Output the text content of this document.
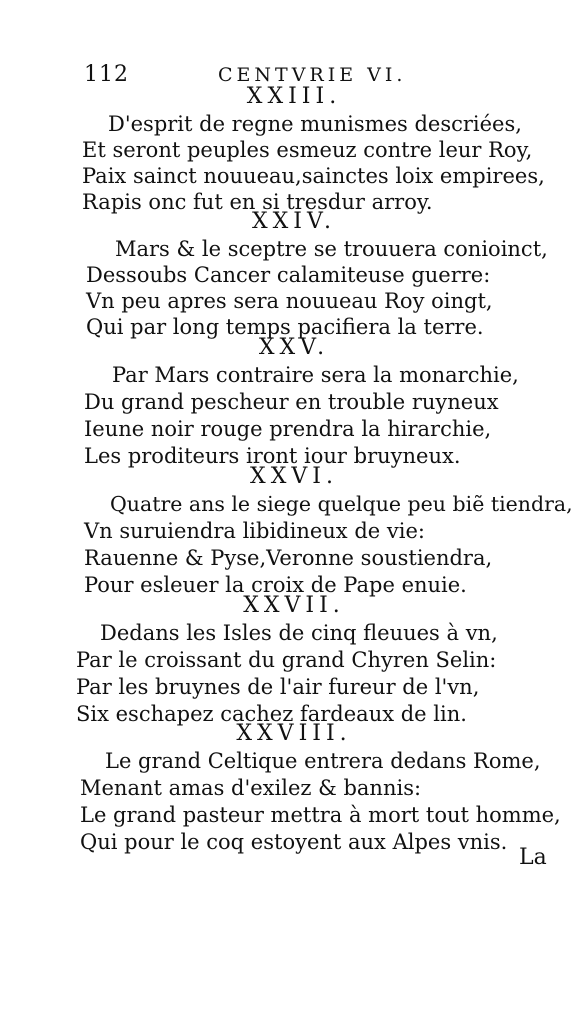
112	CENTVRIE VI.
XXIII.
D'esprit de regne munismes descriées,
Et seront peuples esmeuz contre leur Roy,
Paix sainct nouueau,sainctes loix empirees,
Rapis onc fut en si tresdur arroy.
XXIV.
Mars & le sceptre se trouuera conioinct,
Dessoubs Cancer calamiteuse guerre:
Vn peu apres sera nouueau Roy oingt,
Qui par long temps pacifiera la terre.
XXV.
Par Mars contraire sera la monarchie,
Du grand pescheur en trouble ruyneux
Ieune noir rouge prendra la hirarchie,
Les proditeurs iront iour bruyneux.
XXVI.
Quatre ans le siege quelque peu biẽ tiendra,
Vn suruiendra libidineux de vie:
Rauenne & Pyse,Veronne soustiendra,
Pour esleuer la croix de Pape enuie.
XXVII.
Dedans les Isles de cinq fleuues à vn,
Par le croissant du grand Chyren Selin:
Par les bruynes de l'air fureur de l'vn,
Six eschapez cachez fardeaux de lin.
XXVIII.
Le grand Celtique entrera dedans Rome,
Menant amas d'exilez & bannis:
Le grand pasteur mettra à mort tout homme,
Qui pour le coq estoyent aux Alpes vnis.
La
